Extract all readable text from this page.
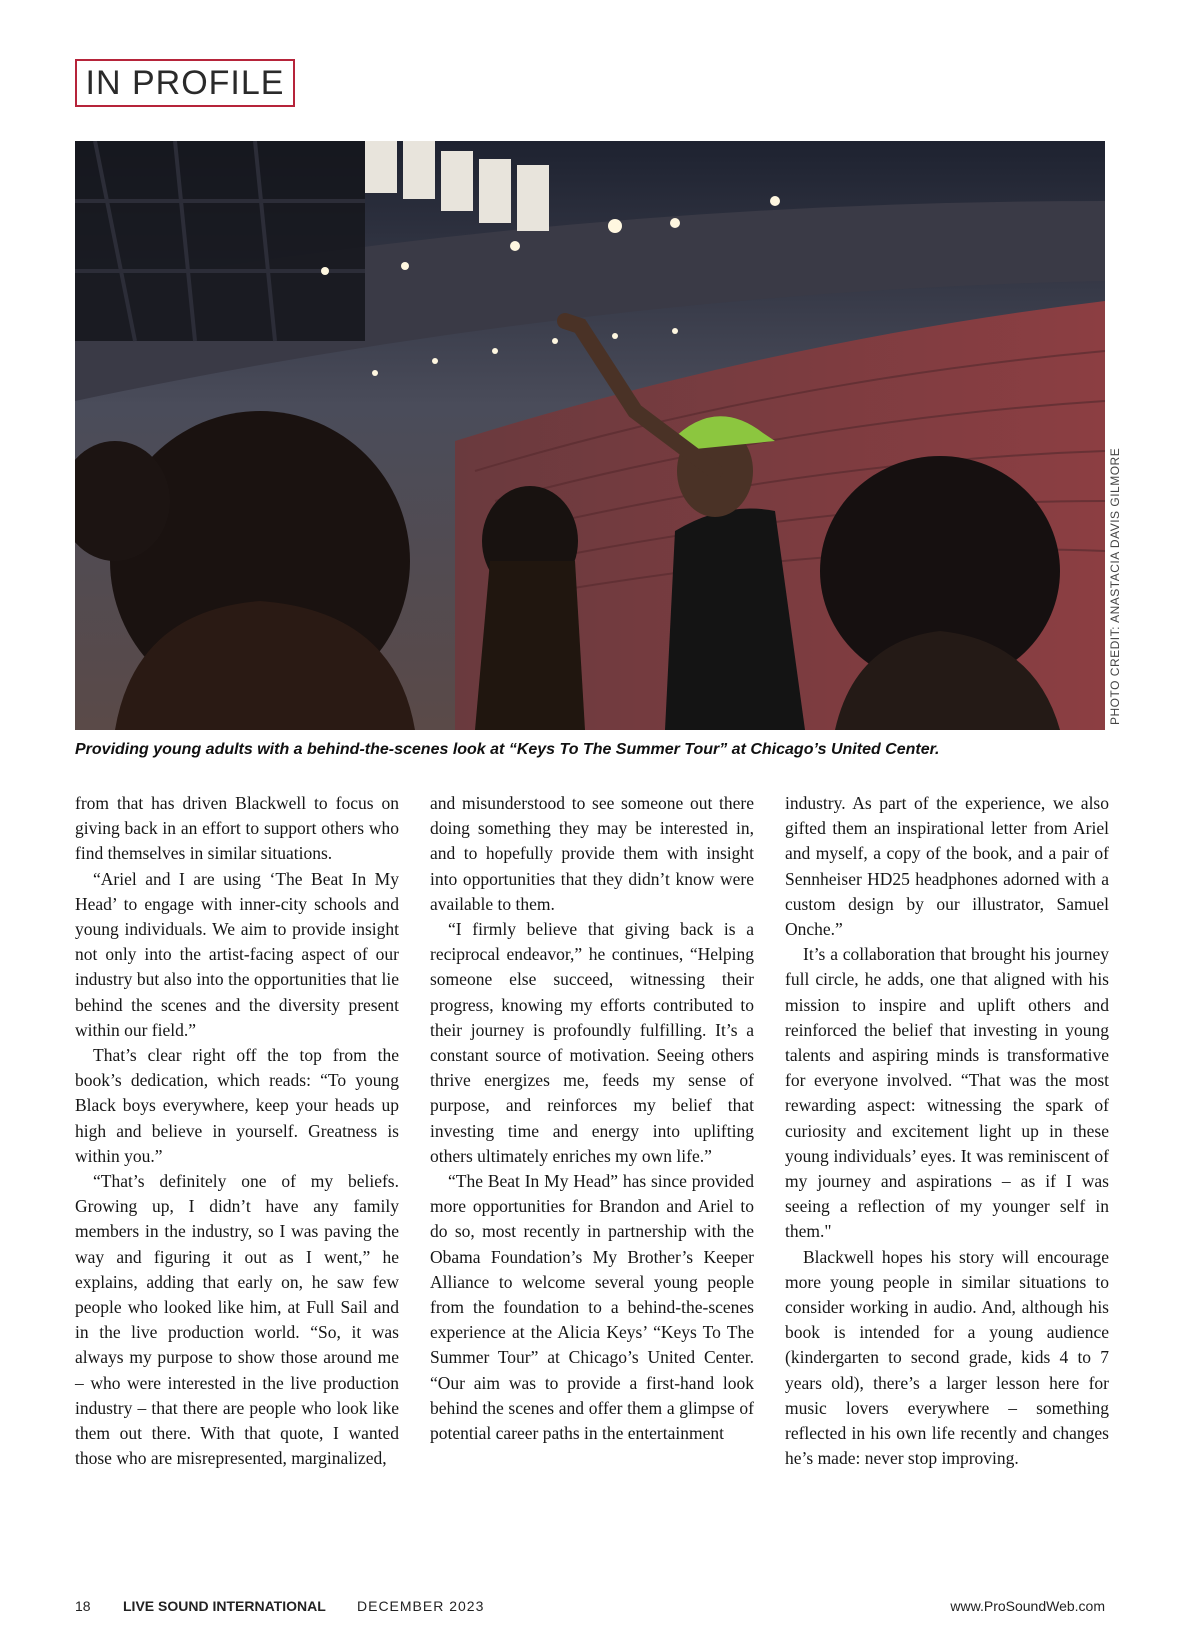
IN PROFILE
PHOTO CREDIT: ANASTACIA DAVIS GILMORE
Providing young adults with a behind-the-scenes look at “Keys To The Summer Tour” at Chicago’s United Center.

from that has driven Blackwell to focus on giving back in an effort to support others who find themselves in similar situations.

“Ariel and I are using ‘The Beat In My Head’ to engage with inner-city schools and young individuals. We aim to provide insight not only into the artist-facing aspect of our industry but also into the opportunities that lie behind the scenes and the diversity present within our field.”

That’s clear right off the top from the book’s dedication, which reads: “To young Black boys everywhere, keep your heads up high and believe in yourself. Greatness is within you.”

“That’s definitely one of my beliefs. Growing up, I didn’t have any family members in the industry, so I was paving the way and figuring it out as I went,” he explains, adding that early on, he saw few people who looked like him, at Full Sail and in the live production world. “So, it was always my purpose to show those around me – who were interested in the live production industry – that there are people who look like them out there. With that quote, I wanted those who are misrepresented, marginalized,

and misunderstood to see someone out there doing something they may be interested in, and to hopefully provide them with insight into opportunities that they didn’t know were available to them.

“I firmly believe that giving back is a reciprocal endeavor,” he continues, “Helping someone else succeed, witnessing their progress, knowing my efforts contributed to their journey is profoundly fulfilling. It’s a constant source of motivation. Seeing others thrive energizes me, feeds my sense of purpose, and reinforces my belief that investing time and energy into uplifting others ultimately enriches my own life.”

“The Beat In My Head” has since provided more opportunities for Brandon and Ariel to do so, most recently in partnership with the Obama Foundation’s My Brother’s Keeper Alliance to welcome several young people from the foundation to a behind-the-scenes experience at the Alicia Keys’ “Keys To The Summer Tour” at Chicago’s United Center. “Our aim was to provide a first-hand look behind the scenes and offer them a glimpse of potential career paths in the entertainment

industry. As part of the experience, we also gifted them an inspirational letter from Ariel and myself, a copy of the book, and a pair of Sennheiser HD25 headphones adorned with a custom design by our illustrator, Samuel Onche.”

It’s a collaboration that brought his journey full circle, he adds, one that aligned with his mission to inspire and uplift others and reinforced the belief that investing in young talents and aspiring minds is transformative for everyone involved. “That was the most rewarding aspect: witnessing the spark of curiosity and excitement light up in these young individuals’ eyes. It was reminiscent of my journey and aspirations – as if I was seeing a reflection of my younger self in them."

Blackwell hopes his story will encourage more young people in similar situations to consider working in audio. And, although his book is intended for a young audience (kindergarten to second grade, kids 4 to 7 years old), there’s a larger lesson here for music lovers everywhere – something reflected in his own life recently and changes he’s made: never stop improving.

18 LIVE SOUND INTERNATIONAL DECEMBER 2023	www.ProSoundWeb.com
